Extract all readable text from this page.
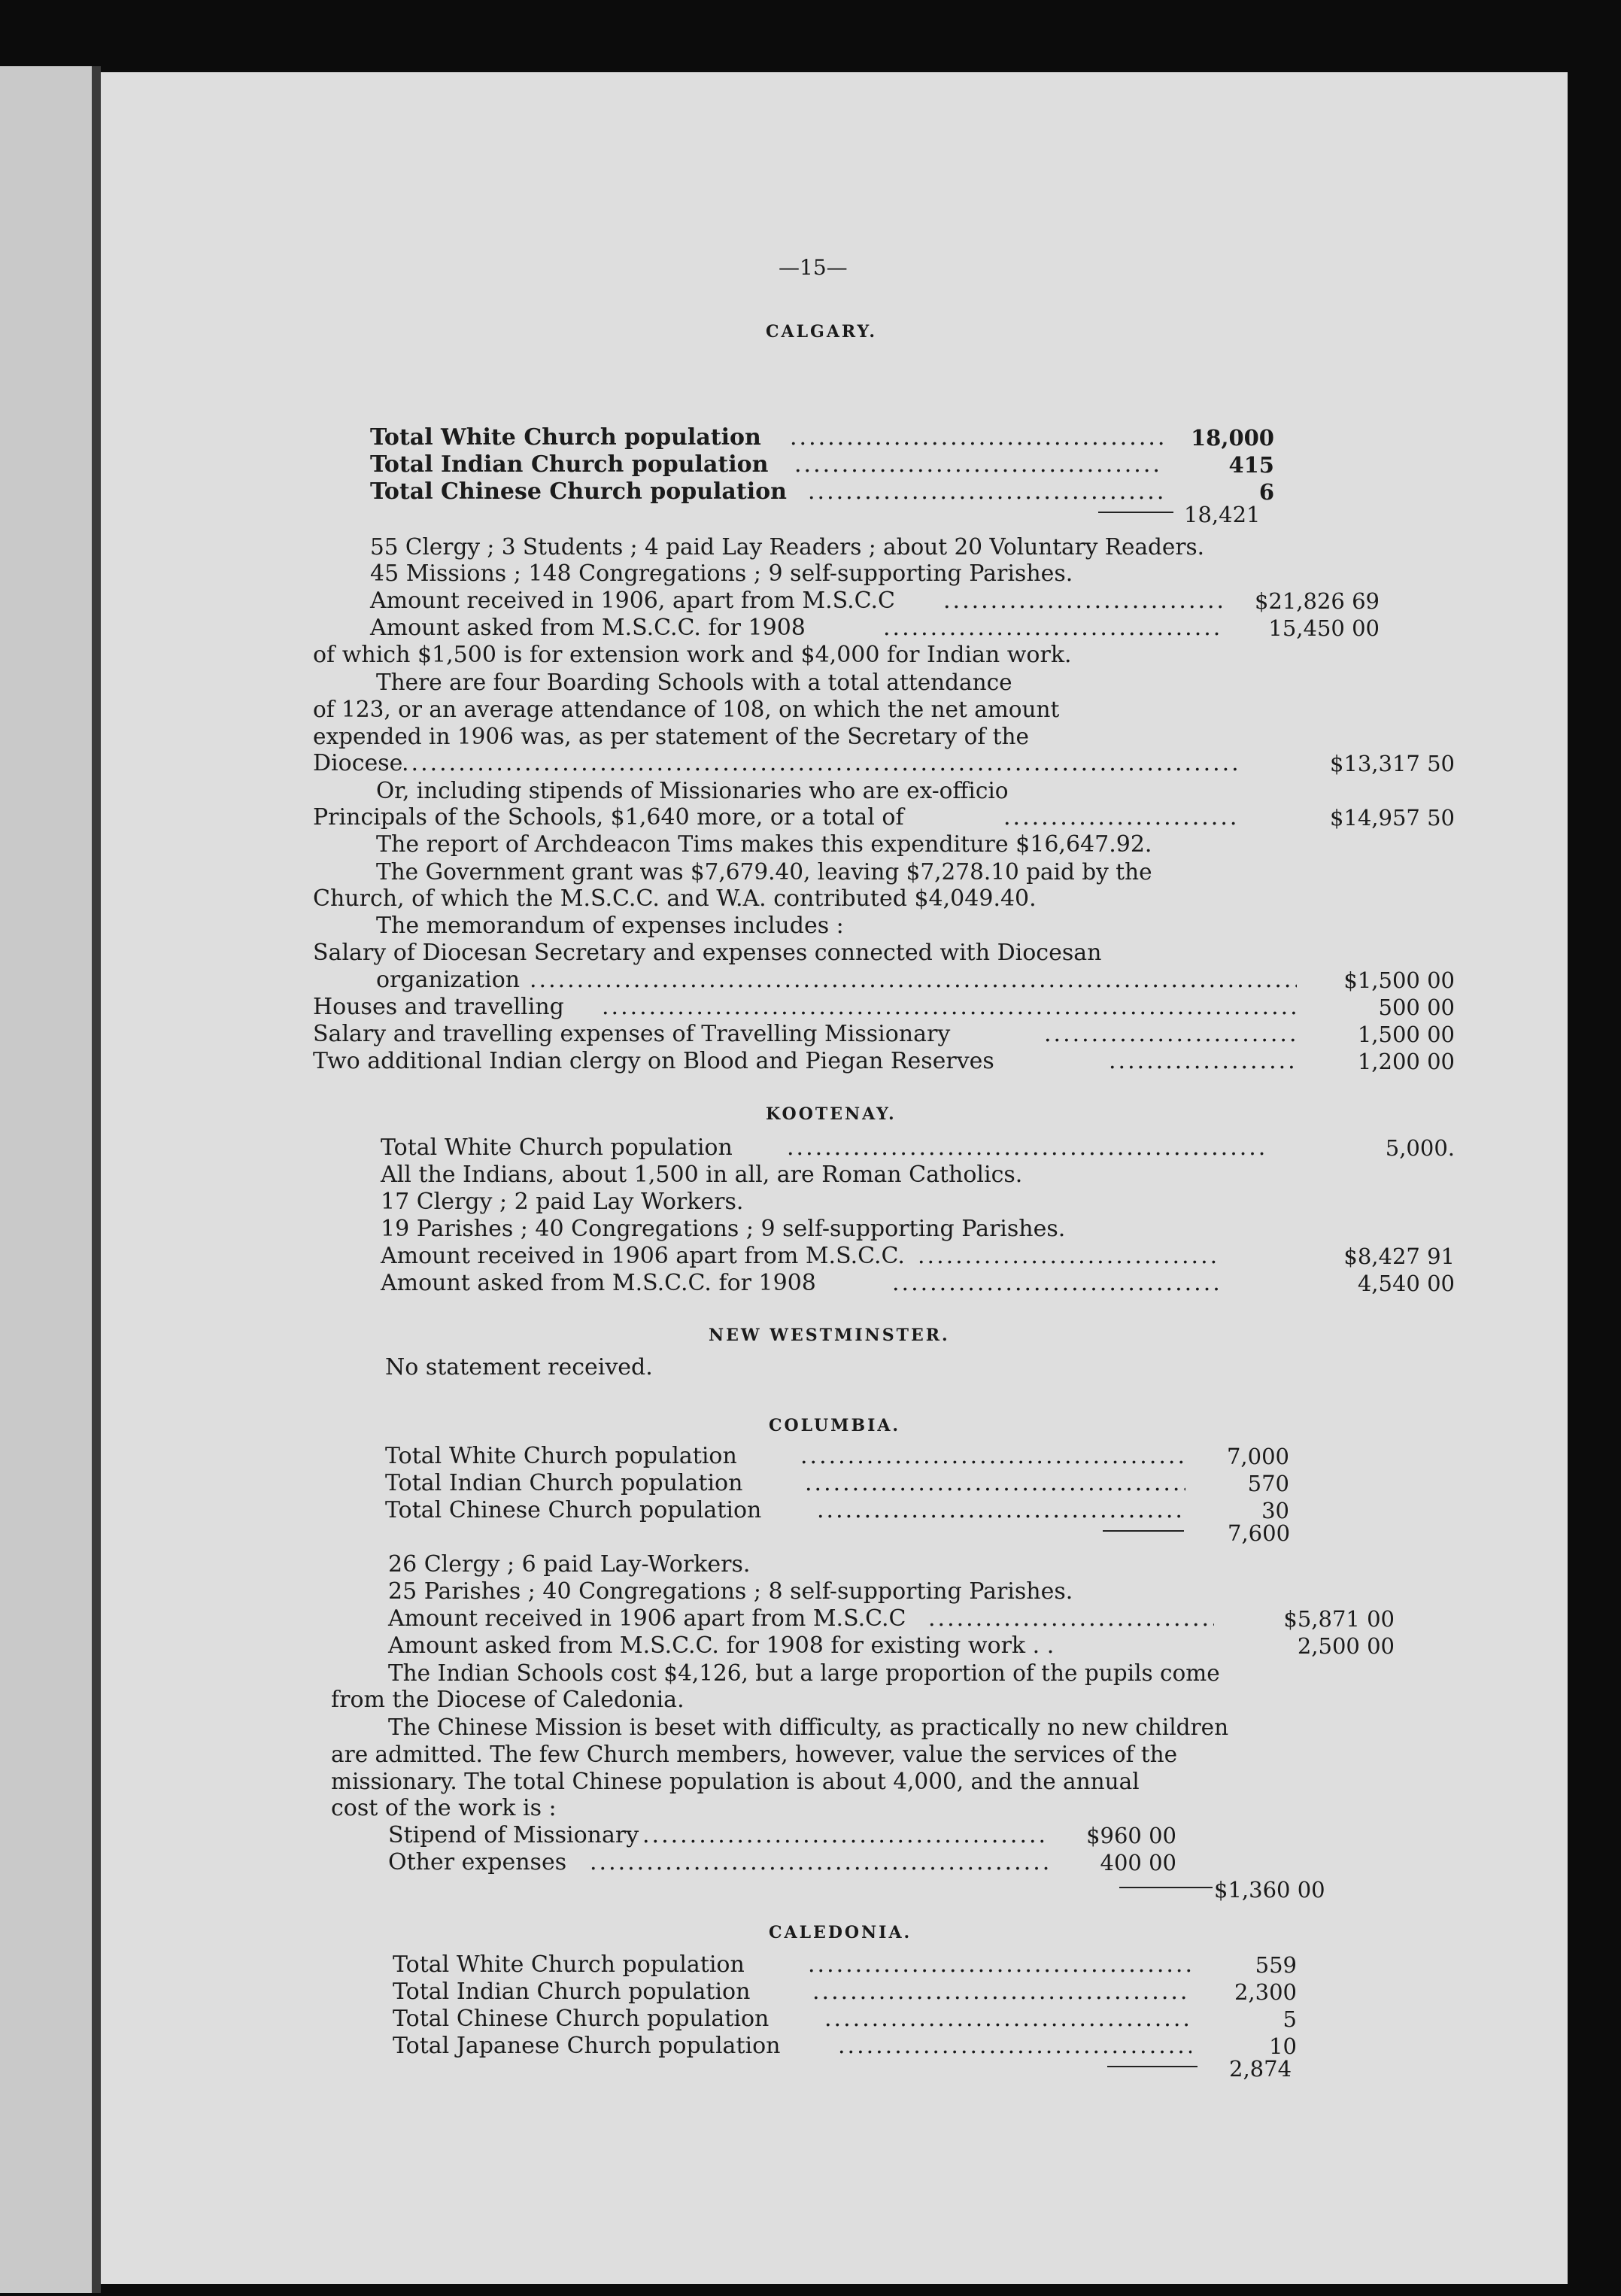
—15—
CALGARY.
Total White Church population .....	18,000
Total Indian Church population .....	415
Total Chinese Church population .....	6
18,421
55 Clergy ; 3 Students ; 4 paid Lay Readers ; about 20 Voluntary Readers.
45 Missions ; 148 Congregations ; 9 self-supporting Parishes.
Amount received in 1906, apart from M.S.C.C .....	$21,826 69
Amount asked from M.S.C.C. for 1908 .....	15,450 00
of which $1,500 is for extension work and $4,000 for Indian work.
There are four Boarding Schools with a total attendance
of 123, or an average attendance of 108, on which the net amount
expended in 1906 was, as per statement of the Secretary of the
Diocese .....	$13,317 50
Or, including stipends of Missionaries who are ex-officio
Principals of the Schools, $1,640 more, or a total of .....	$14,957 50
The report of Archdeacon Tims makes this expenditure $16,647.92.
The Government grant was $7,679.40, leaving $7,278.10 paid by the
Church, of which the M.S.C.C. and W.A. contributed $4,049.40.
The memorandum of expenses includes :
Salary of Diocesan Secretary and expenses connected with Diocesan
organization .....	$1,500 00
Houses and travelling .....	500 00
Salary and travelling expenses of Travelling Missionary .....	1,500 00
Two additional Indian clergy on Blood and Piegan Reserves .....	1,200 00
KOOTENAY.
Total White Church population .....	5,000.
All the Indians, about 1,500 in all, are Roman Catholics.
17 Clergy ; 2 paid Lay Workers.
19 Parishes ; 40 Congregations ; 9 self-supporting Parishes.
Amount received in 1906 apart from M.S.C.C. .....	$8,427 91
Amount asked from M.S.C.C. for 1908 .....	4,540 00
NEW WESTMINSTER.
No statement received.
COLUMBIA.
Total White Church population .....	7,000
Total Indian Church population .....	570
Total Chinese Church population .....	30
7,600
26 Clergy ; 6 paid Lay-Workers.
25 Parishes ; 40 Congregations ; 8 self-supporting Parishes.
Amount received in 1906 apart from M.S.C.C .....	$5,871 00
Amount asked from M.S.C.C. for 1908 for existing work . .	2,500 00
The Indian Schools cost $4,126, but a large proportion of the pupils come
from the Diocese of Caledonia.
The Chinese Mission is beset with difficulty, as practically no new children
are admitted. The few Church members, however, value the services of the
missionary. The total Chinese population is about 4,000, and the annual
cost of the work is :
Stipend of Missionary .....	$960 00
Other expenses .....	400 00
$1,360 00
CALEDONIA.
Total White Church population .....	559
Total Indian Church population .....	2,300
Total Chinese Church population .....	5
Total Japanese Church population .....	10
2,874
